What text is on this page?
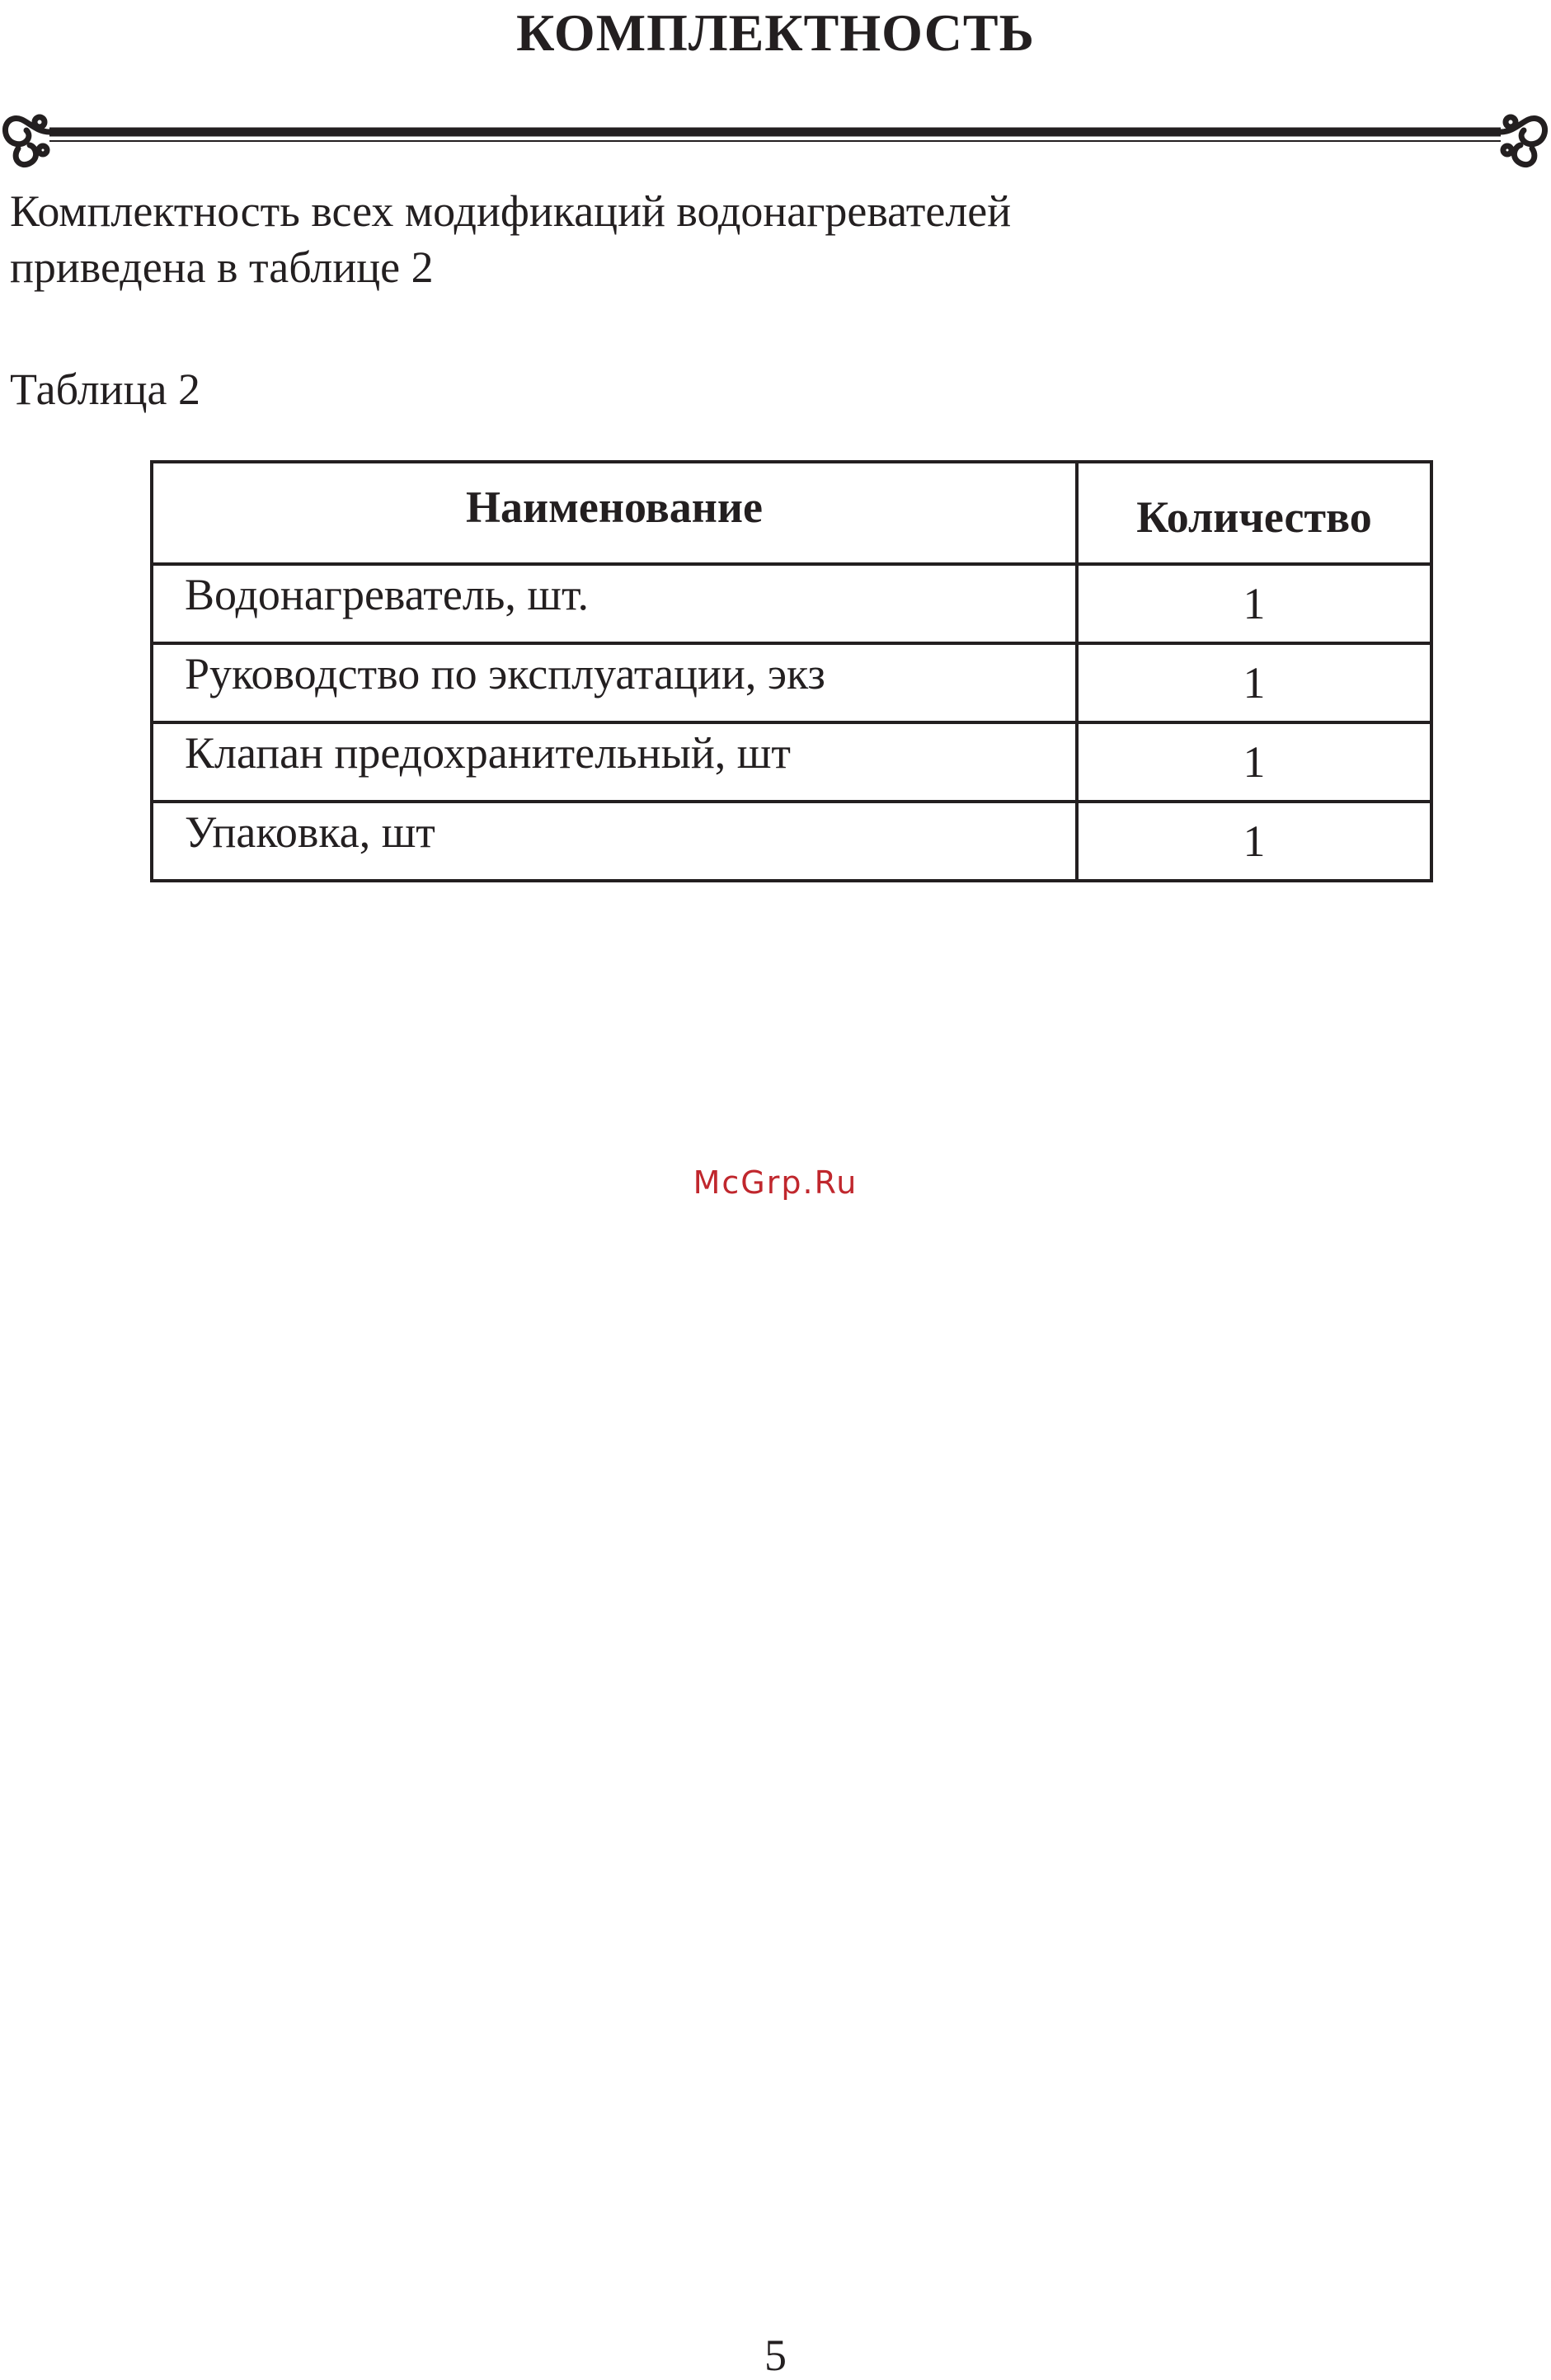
КОМПЛЕКТНОСТЬ
Комплектность всех модификаций водонагревателей
приведена в таблице 2
Таблица 2
Наименование	Количество
Водонагреватель, шт.	1
Руководство по эксплуатации, экз	1
Клапан предохранительный, шт	1
Упаковка, шт	1
McGrp.Ru
5
